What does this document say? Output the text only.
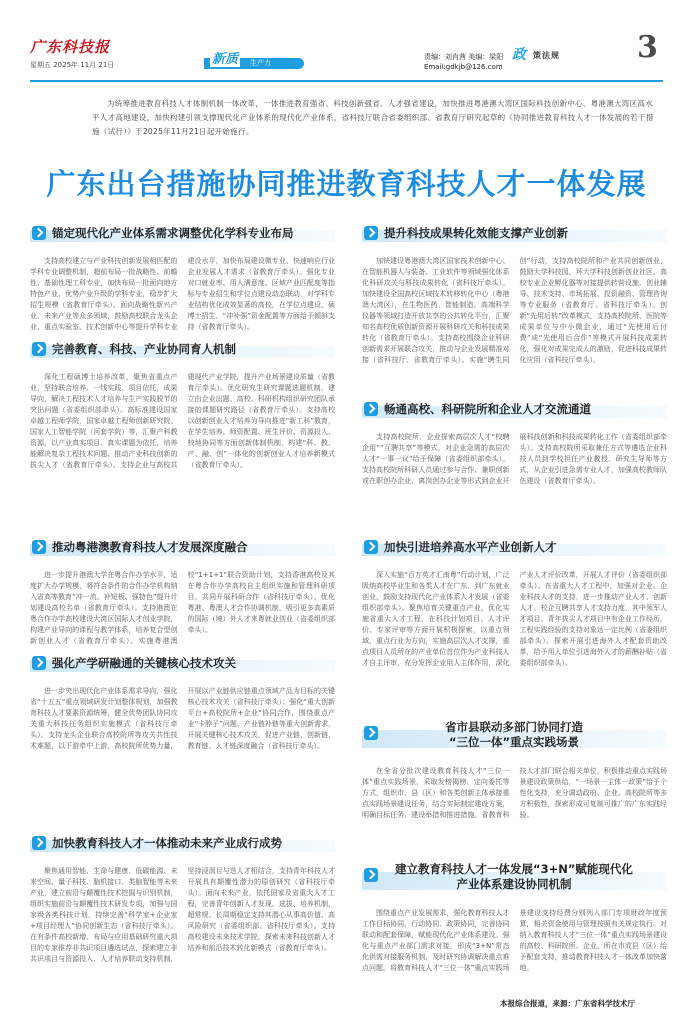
广东科技报
星期五 2025年 11月 21日	新质 生产力
责编：刘肖茜 美编：梁阳
Email:gdkjb@126.com
政 策法规	3
为统筹推进教育科技人才体制机制一体改革，一体推进教育强省、科技创新强省、人才强省建设，加快推进粤港澳大湾区国际科技创新中心、粤港澳大湾区高水平人才高地建设，加快构建引领支撑现代化产业体系的现代化产业体系，省科技厅联合省委组织部、省教育厅研究起草的《协同推进教育科技人才一体发展的若干措施（试行）》于2025年11月21日起开始施行。
广东出台措施协同推进教育科技人才一体发展
锚定现代化产业体系需求调整优化学科专业布局
支持高校建立与产业科技创新发展相匹配的学科专业调整机制，超前布局一批战略性、前瞻性、基础性理工科专业，加快布局一批面向地方特色产业、优势产业升级的学科专业，稳步扩大招生规模（省教育厅牵头）。面向战略性新兴产业、未来产业等众多领域，鼓励高校联合龙头企业、重点实验室、技术创新中心等提升学科专业建设水平，加快布局建设微专业、快速响应行业企业发展人才需求（省教育厅牵头）。强化专业对口就业率、用人满意度、区域产业匹配度等指标与专业招生和学位点建设动态联动，对学科专业结构优化成效显著的高校，在学位点建设、硕博士招生、“冲补强”资金配置等方面给予倾斜支持（省教育厅牵头）。
完善教育、科技、产业协同育人机制
深化工程硕博士培养改革，聚焦省重点产业，坚持联合培养、一线实践、项目依托，成果导向，解决工程技术人才培养与生产实践脱节的突出问题（省委组织部牵头）。高标准建设国家卓越工程师学院，国家卓越工程师创新研究院、国家人工智能学院（河套学院）等，汇聚产科教资源，以产业真实项目、真实课题为依托，培养能解决复杂工程技术问题、推动产业科技创新的拔尖人才（省教育厅牵头）。支持企业与高校共建现代产业学院，提升产业场景建设质量（省教育厅牵头）。优化研究生研究课题选题机制，建立由企业出题、高校、科研机构组织研究团队承接的课题研究路径（省教育厅牵头）。支持高校以创新创业人才培养为导向推进“新工科”教育，在学生培养、师资配置、班生评价、资源投入、校地协同等方面创新体制机制，构建“科、教、产、融、创”一体化的创新创业人才培养新模式（省教育厅牵头）。
推动粤港澳教育科技人才发展深度融合
进一步提升港澳大学在粤合作办学水平，适度扩大办学规模，将符合条件的合作办学机构纳入省高等教育“冲一流、补短板、强特色”提升计划建设高校名单（省教育厅牵头）。支持港澳在粤合作办学高校建设大湾区国际人才创业学院，构建产业导向的课程与教学体系，培养复合型创新创业人才（省教育厅牵头）。实施粤港澳校“1+1+1”联合资助计划，支持香港高校及其在粤合作办学高校自主组织实施和管理科研项目，共同开展科研合作（省科技厅牵头）。优化粤港、粤澳人才合作协调机制，吸引更多高素质的国际（境）外人才来粤就业创业（省委组织部牵头）。
强化产学研融通的关键核心技术攻关
进一步突出现代化产业体系需求导向，强化省“十五五”重点领域研发计划整体规划，加强教育科技人才要素资源统筹，健全优势团队协同攻关重大科技任务组织实施模式（省科技厅牵头）。支持龙头企业联合高校院所等攻关共性技术难题，以下游牵中上游，高校院所优势力量，开展以产业链供应链重点领域产品为目标的关键核心技术攻关（省科技厅牵头）；强化“重大创新平台+高校院所+企业”协同合作，围绕重点产业“卡脖子”问题、产业链补链等重大创新需求，开展关键核心技术攻关，促进产业链、创新链、教育链、人才链深度融合（省科技厅牵头）。
加快教育科技人才一体推动未来产业成行成势
聚焦通用智能、生命与健康、低碳能源、未来空间、量子科技、脑机接口、类脑智能等未来产业，建立前沿与颠覆性技术挖掘与识别机制，组织实施前沿与颠覆性技术研发专项，加强与国家级各类科技计划，持续完善“科学家+企业家+项目经理人”协同创新生态（省科技厅牵头）。在有条件高校新增、布局与应用基础研究重大项目的专家推荐非共识项目遴选试点，探索建立非共识项目与资源投入、人才培养联动支持机制，坚持浸润目与迭人才相结合，支持青年科技人才开展具有颠覆性潜力的原创研究（省科技厅牵头）。面向未来产业，依托国家及省重大人才工程，完善青年创新人才发现、选拔、培养机制，超常规、长周期稳定支持其潜心从事高价值、高风险研究（省委组织部、省科技厅牵头）。支持高校建设未来技术学院，探索未来科技创新人才培养和前沿技术转化新模式（省教育厅牵头）。
提升科技成果转化效能支撑产业创新
加快建设粤港澳大湾区国家技术创新中心、在智能机器人与装备、工业软件等领域强化体系化科研攻关与科技成果转化（省科技厅牵头）。加快建设全国高校区域技术转移转化中心（粤港澳大湾区），在生物医药、智能制造、高端科学仪器等领域打造开放共享的公共转化平台，汇聚知名高校优质创新资源开展科研攻关和科技成果转化（省教育厅牵头）。支持高校围绕企业科研创新需求开展联合攻关，推动与企业发展精准对接（省科技厅、省教育厅牵头）。实施“聘生同创”行动，支持高校院所和产业共同创新创业，鼓励大学科技园、环大学科技创新创业社区、高校专业企业孵化器等对接提供转营设施、创业辅导、技术支持、市场拓展、投资融资、管理咨询等专业服务（省教育厅、省科技厅牵头）。创新“先用后转”改革模式，支持高校院所、医院等成果单位与中小微企业，通过“先使用后付费”或“先使用后合作”等模式开展科技成果转化，强化对成果完成人的激励，促进科技成果转化应用（省科技厅牵头）。
畅通高校、科研院所和企业人才交流通道
支持高校院所、企业探索高层次人才“校聘企用”“互聘共享”等模式，对企业急需的高层次人才“一事一议”给予保障（省委组织部牵头）。支持高校院所科研人员通过参与合作、兼职创新或在职创办企业、离岗创办企业等形式到企业开展科技创新和科技成果转化工作（省委组织部牵头）。支持高校院所采取兼任方式等遴选企业科技人员到学校担任产业教授、研究生导师等方式，从企业引进急需专业人才，加强高校教师队伍建设（省教育厅牵头）。
加快引进培养高水平产业创新人才
深入实施“百万英才汇南粤”行动计划，广泛吸纳高校毕业生和各类人才在广东、到广东就业创业，鼓励支持现代化产业体系人才发展（省委组织部牵头）。聚焦培育关键重点产业，优化实施省重大人才工程，在科技计划项目、人才评价、专家评审等方面开展积极探索，以重点领域、重点行业为方向，实施高层次人才支撑，重点项目人员所在的产业单位首位作为产业科技人才自主评审，充分发挥企业用人主体作用，深化产业人才评价改革，开展人才评价（省委组织部牵头）。在省重大人才工程中，加强对企业、企业科技人才的支持，进一步推动产业人才、创新人才、校企互聘共享人才支持力度，其中领军人才项目、青年拔尖人才项目中有企业工作经历、工程实践经验的支持对象达一定比例（省委组织部牵头）。探索开展引进海外人才配套资助改革，给予用人单位引进海外人才的薪酬补贴（省委组织部牵头）。
省市县联动多部门协同打造
“三位一体”重点实践场景
在全省分批次建设教育科技人才“三位一体”重点实践场景，采取发榜揭榜、定向委托等方式，组织市、县（区）和各类创新主体承接重点实践场景建设任务，结合实际制定建设方案，明确目标任务、建设举措和推进措施。省教育科技人才部门联合相关单位，积极推动重点实践场景建设政策供给，“一场景一主体一政策”给予个性化支持，充分调动政府、企业、高校院所等多方积极性，探索形成可复制可推广的广东实践经验。
建立教育科技人才一体发展“3+N”赋能现代化
产业体系建设协同机制
围绕重点产业发展需求，强化教育科技人才工作目标协同、行动协同、政策协同，完善协同联动和配套保障，赋能现代化产业体系建设。强化与重点产业部门需求对接，形成“3+N”常态化供需对接服务机制，及时研究协调解决重点难点问题。将教育科技人才“三位一体”重点实践场景建设支持经费分别列入部门专项财政年度预算，相关资金使用与管理按照有关规定执行。对纳入教育科技人才“三位一体”重点实践场景建设的高校、科研院所、企业、所在市或县（区）给予配套支持，推动教育科技人才一体改革加快落地。
本报综合报道，来源：广东省科学技术厅
